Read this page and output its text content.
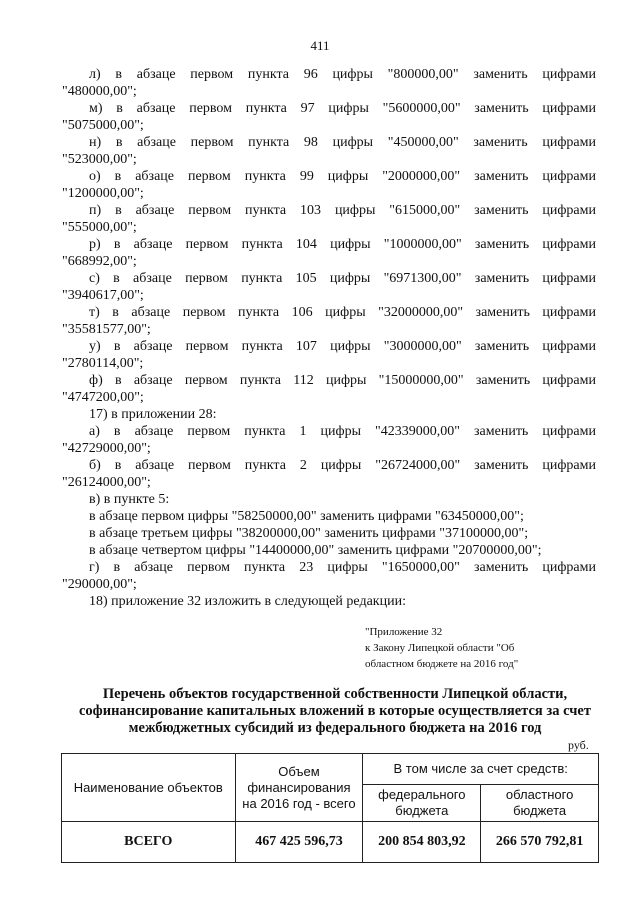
411
л) в абзаце первом пункта 96 цифры "800000,00" заменить цифрами
"480000,00";
м) в абзаце первом пункта 97 цифры "5600000,00" заменить цифрами
"5075000,00";
н) в абзаце первом пункта 98 цифры "450000,00" заменить цифрами
"523000,00";
о) в абзаце первом пункта 99 цифры "2000000,00" заменить цифрами
"1200000,00";
п) в абзаце первом пункта 103 цифры "615000,00" заменить цифрами
"555000,00";
р) в абзаце первом пункта 104 цифры "1000000,00" заменить цифрами
"668992,00";
с) в абзаце первом пункта 105 цифры "6971300,00" заменить цифрами
"3940617,00";
т) в абзаце первом пункта 106 цифры "32000000,00" заменить цифрами
"35581577,00";
у) в абзаце первом пункта 107 цифры "3000000,00" заменить цифрами
"2780114,00";
ф) в абзаце первом пункта 112 цифры "15000000,00" заменить цифрами
"4747200,00";
17) в приложении 28:
а) в абзаце первом пункта 1 цифры "42339000,00" заменить цифрами
"42729000,00";
б) в абзаце первом пункта 2 цифры "26724000,00" заменить цифрами
"26124000,00";
в) в пункте 5:
в абзаце первом цифры "58250000,00" заменить цифрами "63450000,00";
в абзаце третьем цифры "38200000,00" заменить цифрами "37100000,00";
в абзаце четвертом цифры "14400000,00" заменить цифрами "20700000,00";
г) в абзаце первом пункта 23 цифры "1650000,00" заменить цифрами
"290000,00";
18) приложение 32 изложить в следующей редакции:
"Приложение 32
к Закону Липецкой области "Об
областном бюджете на 2016 год"
Перечень объектов государственной собственности Липецкой области, софинансирование капитальных вложений в которые осуществляется за счет межбюджетных субсидий из федерального бюджета на 2016 год
руб.
Наименование объектов	Объем финансирования на 2016 год - всего	В том числе за счет средств:	
		федерального бюджета	областного бюджета
ВСЕГО	467 425 596,73	200 854 803,92	266 570 792,81
